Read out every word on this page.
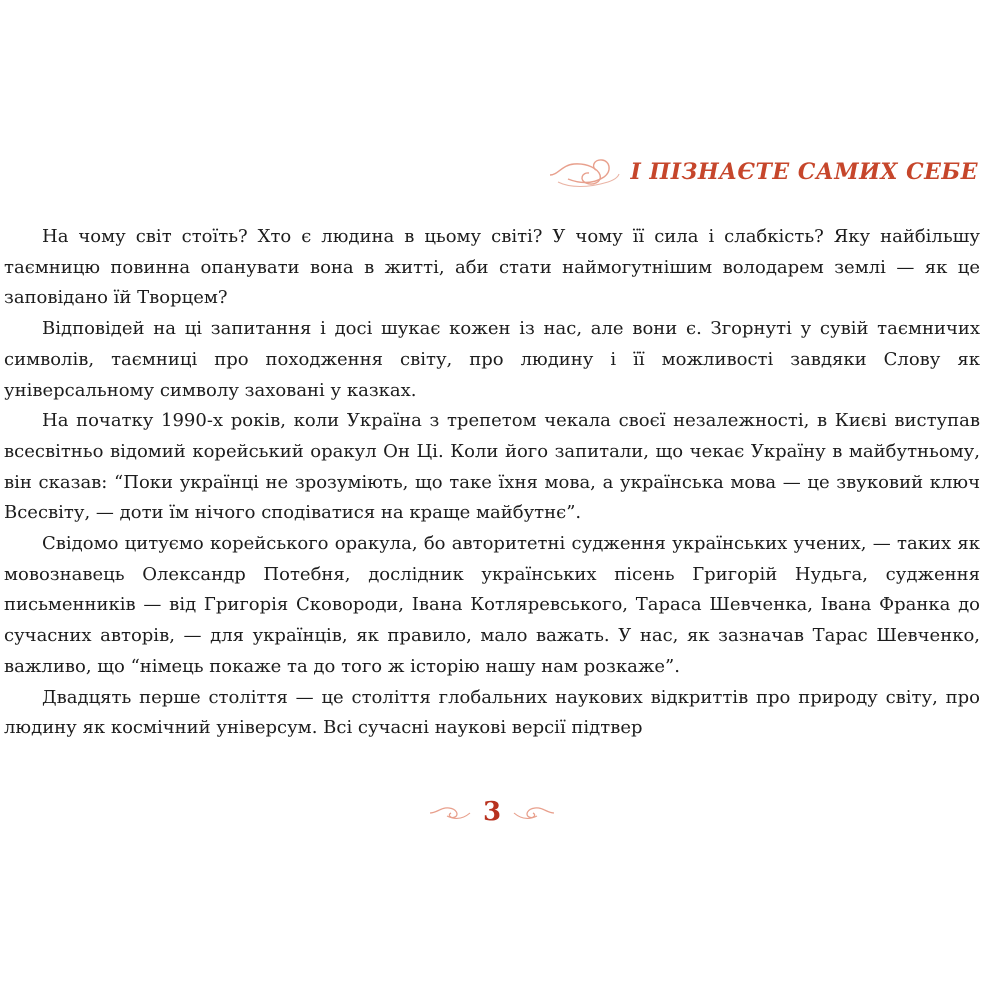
І ПІЗНАЄТЕ САМИХ СЕБЕ

На чому світ стоїть? Хто є людина в цьому світі? У чому її сила і слабкість? Яку найбільшу таємницю повинна опанувати вона в житті, аби стати наймогутнішим володарем землі — як це заповідано їй Творцем?

Відповідей на ці запитання і досі шукає кожен із нас, але вони є. Згорнуті у сувій таємничих символів, таємниці про походження світу, про людину і її можливості завдяки Слову як універсальному символу заховані у казках.

На початку 1990-х років, коли Україна з трепетом чекала своєї незалежності, в Києві виступав всесвітньо відомий корейський оракул Он Ці. Коли його запитали, що чекає Україну в майбутньому, він сказав: “Поки українці не зрозуміють, що таке їхня мова, а українська мова — це звуковий ключ Всесвіту, — доти їм нічого сподіватися на краще майбутнє”.

Свідомо цитуємо корейського оракула, бо авторитетні судження українських учених, — таких як мовознавець Олександр Потебня, дослідник українських пісень Григорій Нудьга, судження письменників — від Григорія Сковороди, Івана Котляревського, Тараса Шевченка, Івана Франка до сучасних авторів, — для українців, як правило, мало важать. У нас, як зазначав Тарас Шевченко, важливо, що “німець покаже та до того ж історію нашу нам розкаже”.

Двадцять перше століття — це століття глобальних наукових відкриттів про природу світу, про людину як космічний універсум. Всі сучасні наукові версії підтвер

3
